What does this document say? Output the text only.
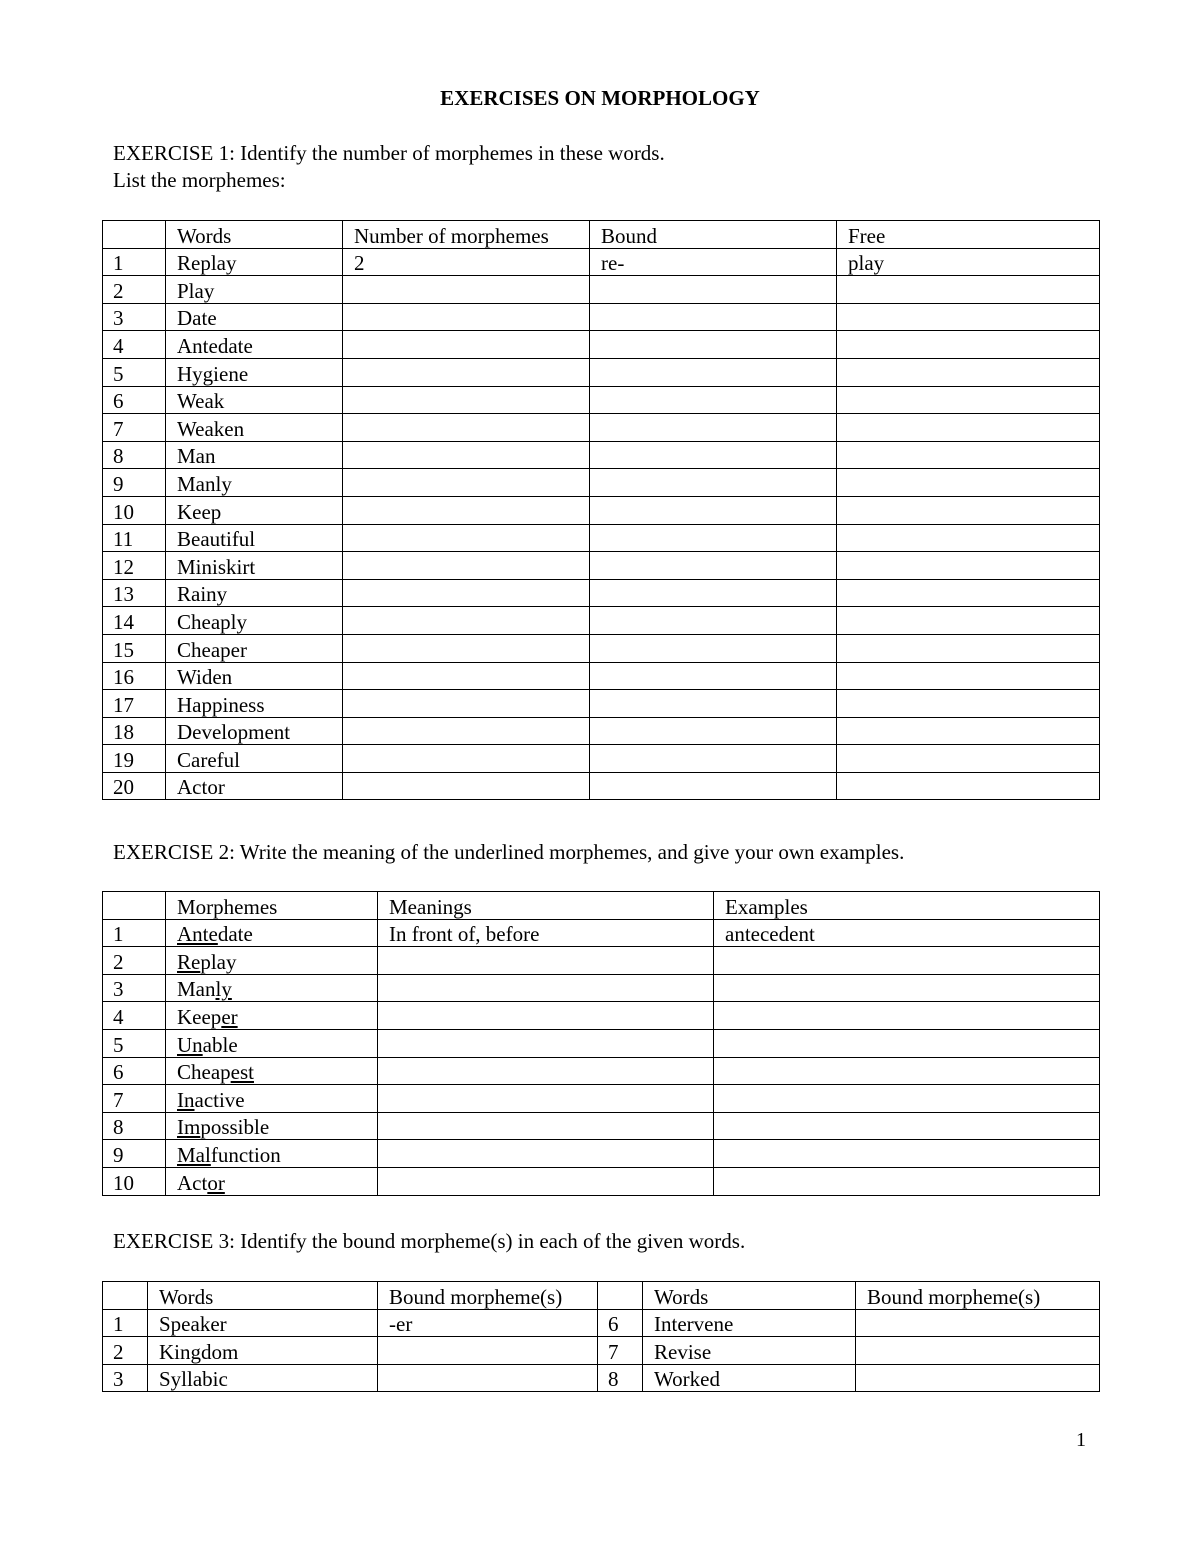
EXERCISES ON MORPHOLOGY
EXERCISE 1: Identify the number of morphemes in these words.
List the morphemes:
	Words	Number of morphemes	Bound	Free
1	Replay	2	re-	play
2	Play			
3	Date			
4	Antedate			
5	Hygiene			
6	Weak			
7	Weaken			
8	Man			
9	Manly			
10	Keep			
11	Beautiful			
12	Miniskirt			
13	Rainy			
14	Cheaply			
15	Cheaper			
16	Widen			
17	Happiness			
18	Development			
19	Careful			
20	Actor			
EXERCISE 2: Write the meaning of the underlined morphemes, and give your own examples.
	Morphemes	Meanings	Examples
1	Antedate	In front of, before	antecedent
2	Replay		
3	Manly		
4	Keeper		
5	Unable		
6	Cheapest		
7	Inactive		
8	Impossible		
9	Malfunction		
10	Actor		
EXERCISE 3: Identify the bound morpheme(s) in each of the given words.
	Words	Bound morpheme(s)		Words	Bound morpheme(s)
1	Speaker	-er	6	Intervene	
2	Kingdom		7	Revise	
3	Syllabic		8	Worked	
1
